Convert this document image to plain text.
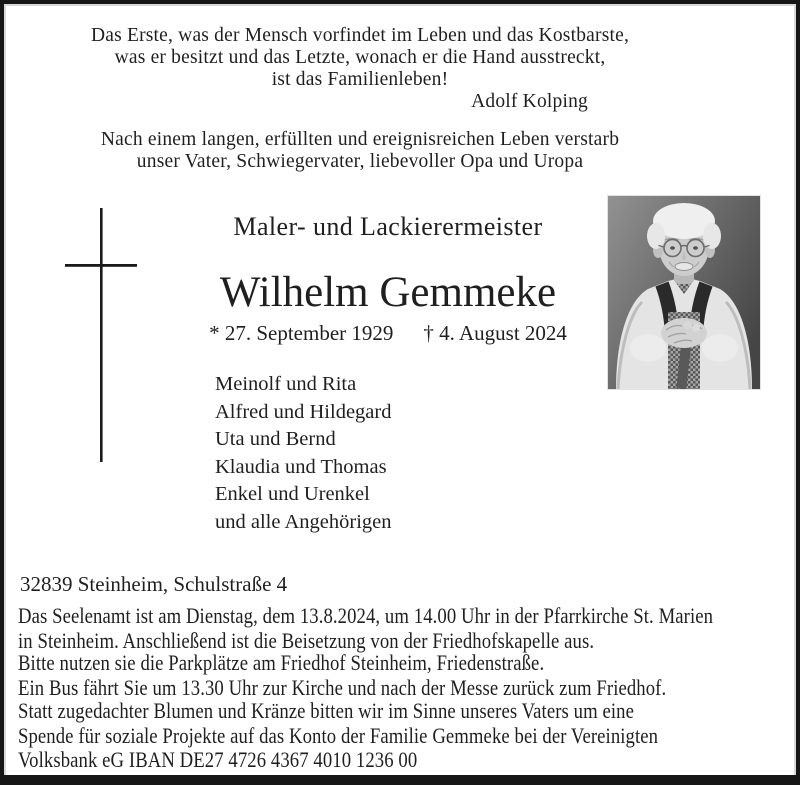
Das Erste, was der Mensch vorfindet im Leben und das Kostbarste,
was er besitzt und das Letzte, wonach er die Hand ausstreckt,
ist das Familienleben!
Adolf Kolping
Nach einem langen, erfüllten und ereignisreichen Leben verstarb
unser Vater, Schwiegervater, liebevoller Opa und Uropa
Maler- und Lackierermeister
Wilhelm Gemmeke
* 27. September 1929 † 4. August 2024
Meinolf und Rita
Alfred und Hildegard
Uta und Bernd
Klaudia und Thomas
Enkel und Urenkel
und alle Angehörigen
32839 Steinheim, Schulstraße 4
Das Seelenamt ist am Dienstag, dem 13.8.2024, um 14.00 Uhr in der Pfarrkirche St. Marien
in Steinheim. Anschließend ist die Beisetzung von der Friedhofskapelle aus.
Bitte nutzen sie die Parkplätze am Friedhof Steinheim, Friedenstraße.
Ein Bus fährt Sie um 13.30 Uhr zur Kirche und nach der Messe zurück zum Friedhof.
Statt zugedachter Blumen und Kränze bitten wir im Sinne unseres Vaters um eine
Spende für soziale Projekte auf das Konto der Familie Gemmeke bei der Vereinigten
Volksbank eG IBAN DE27 4726 4367 4010 1236 00
